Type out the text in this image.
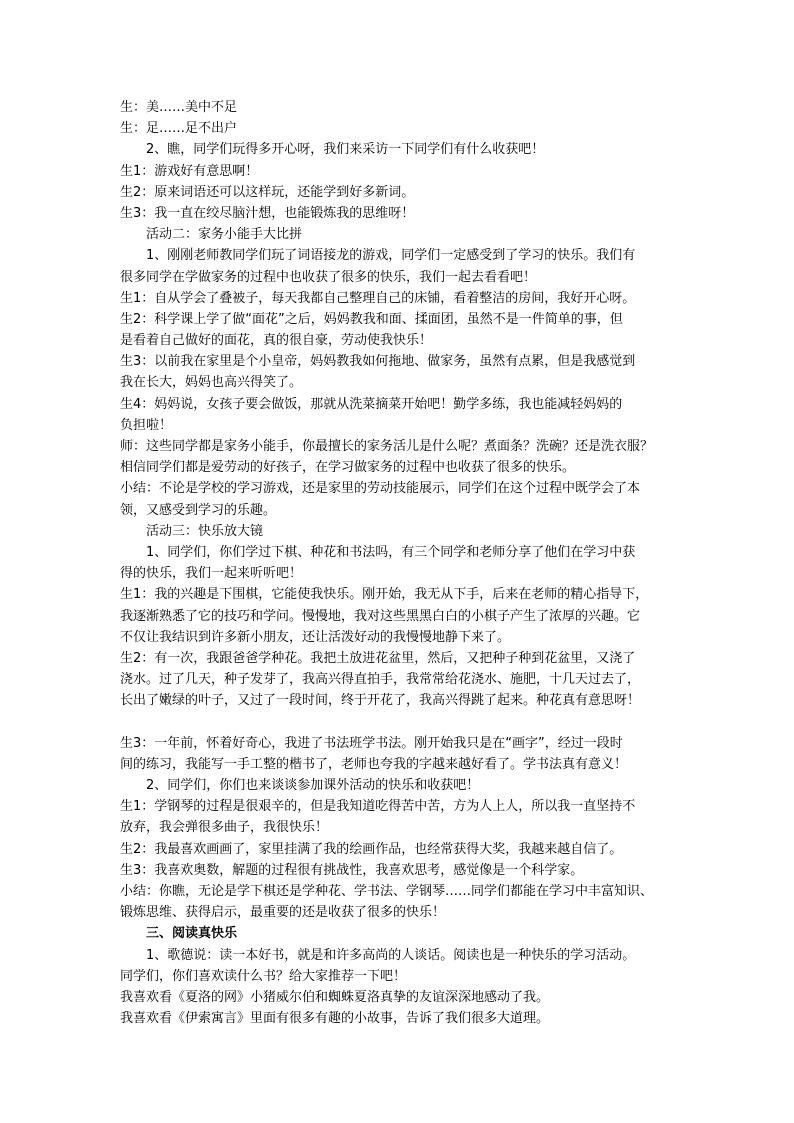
生：美……美中不足

生：足……足不出户

2、瞧，同学们玩得多开心呀，我们来采访一下同学们有什么收获吧！

生1：游戏好有意思啊！

生2：原来词语还可以这样玩，还能学到好多新词。

生3：我一直在绞尽脑汁想，也能锻炼我的思维呀！

活动二：家务小能手大比拼

1、刚刚老师教同学们玩了词语接龙的游戏，同学们一定感受到了学习的快乐。我们有

很多同学在学做家务的过程中也收获了很多的快乐，我们一起去看看吧！

生1：自从学会了叠被子，每天我都自己整理自己的床铺，看着整洁的房间，我好开心呀。

生2：科学课上学了做“面花”之后，妈妈教我和面、揉面团，虽然不是一件简单的事，但

是看着自己做好的面花，真的很自豪，劳动使我快乐！

生3：以前我在家里是个小皇帝，妈妈教我如何拖地、做家务，虽然有点累，但是我感觉到

我在长大，妈妈也高兴得笑了。

生4：妈妈说，女孩子要会做饭，那就从洗菜摘菜开始吧！勤学多练，我也能减轻妈妈的

负担啦！

师：这些同学都是家务小能手，你最擅长的家务活儿是什么呢？煮面条？洗碗？还是洗衣服？

相信同学们都是爱劳动的好孩子，在学习做家务的过程中也收获了很多的快乐。

小结：不论是学校的学习游戏，还是家里的劳动技能展示，同学们在这个过程中既学会了本

领，又感受到学习的乐趣。

活动三：快乐放大镜

1、同学们，你们学过下棋、种花和书法吗，有三个同学和老师分享了他们在学习中获

得的快乐，我们一起来听听吧！

生1：我的兴趣是下围棋，它能使我快乐。刚开始，我无从下手，后来在老师的精心指导下，

我逐渐熟悉了它的技巧和学问。慢慢地，我对这些黑黑白白的小棋子产生了浓厚的兴趣。它

不仅让我结识到许多新小朋友，还让活泼好动的我慢慢地静下来了。

生2：有一次，我跟爸爸学种花。我把土放进花盆里，然后，又把种子种到花盆里，又浇了

浇水。过了几天，种子发芽了，我高兴得直拍手，我常常给花浇水、施肥，十几天过去了，

长出了嫩绿的叶子，又过了一段时间，终于开花了，我高兴得跳了起来。种花真有意思呀！

生3：一年前，怀着好奇心，我进了书法班学书法。刚开始我只是在“画字”，经过一段时

间的练习，我能写一手工整的楷书了，老师也夸我的字越来越好看了。学书法真有意义！

2、同学们，你们也来谈谈参加课外活动的快乐和收获吧！

生1：学钢琴的过程是很艰辛的，但是我知道吃得苦中苦，方为人上人，所以我一直坚持不

放弃，我会弹很多曲子，我很快乐！

生2：我最喜欢画画了，家里挂满了我的绘画作品，也经常获得大奖，我越来越自信了。

生3：我喜欢奥数，解题的过程很有挑战性，我喜欢思考，感觉像是一个科学家。

小结：你瞧，无论是学下棋还是学种花、学书法、学钢琴……同学们都能在学习中丰富知识、

锻炼思维、获得启示，最重要的还是收获了很多的快乐！

三、阅读真快乐

1、歌德说：读一本好书，就是和许多高尚的人谈话。阅读也是一种快乐的学习活动。

同学们，你们喜欢读什么书？给大家推荐一下吧！

我喜欢看《夏洛的网》小猪威尔伯和蜘蛛夏洛真挚的友谊深深地感动了我。

我喜欢看《伊索寓言》里面有很多有趣的小故事，告诉了我们很多大道理。
